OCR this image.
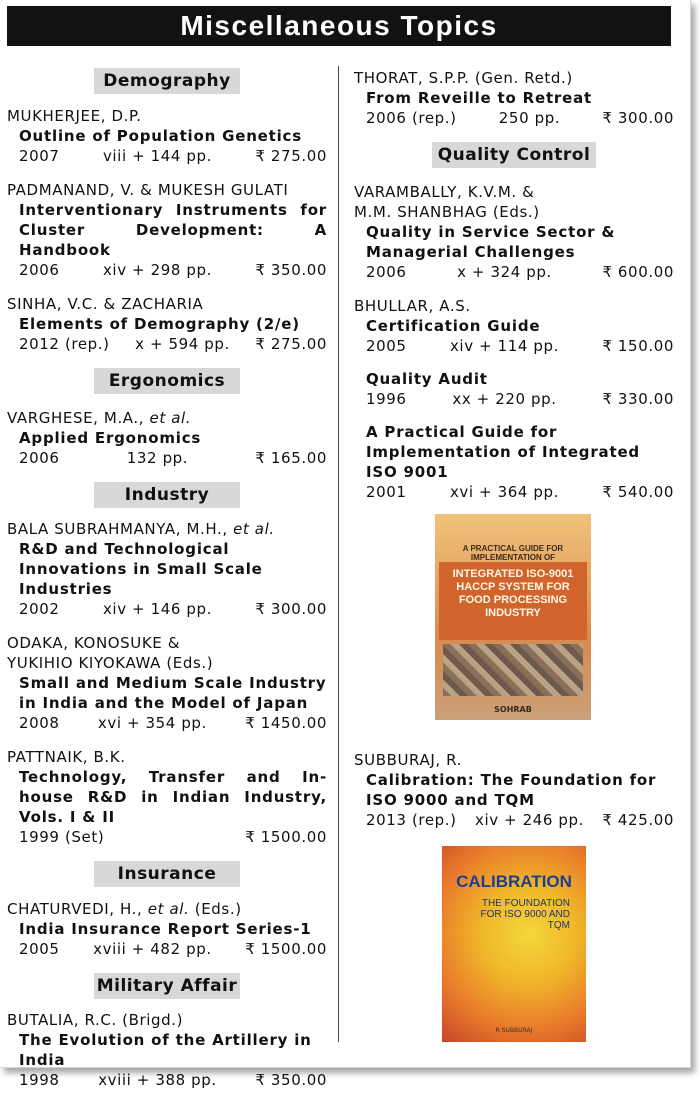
Miscellaneous Topics
Demography
MUKHERJEE, D.P.
Outline of Population Genetics
2007	viii + 144 pp.	₹ 275.00
PADMANAND, V. & MUKESH GULATI
Interventionary Instruments for Cluster Development: A Handbook
2006	xiv + 298 pp.	₹ 350.00
SINHA, V.C. & ZACHARIA
Elements of Demography (2/e)
2012 (rep.)	x + 594 pp.	₹ 275.00
Ergonomics
VARGHESE, M.A., et al.
Applied Ergonomics
2006	132 pp.	₹ 165.00
Industry
BALA SUBRAHMANYA, M.H., et al.
R&D and Technological Innovations in Small Scale Industries
2002	xiv + 146 pp.	₹ 300.00
ODAKA, KONOSUKE &
YUKIHIO KIYOKAWA (Eds.)
Small and Medium Scale Industry in India and the Model of Japan
2008	xvi + 354 pp.	₹ 1450.00
PATTNAIK, B.K.
Technology, Transfer and In-house R&D in Indian Industry, Vols. I & II
1999 (Set)	₹ 1500.00
Insurance
CHATURVEDI, H., et al. (Eds.)
India Insurance Report Series-1
2005	xviii + 482 pp.	₹ 1500.00
Military Affair
BUTALIA, R.C. (Brigd.)
The Evolution of the Artillery in India
1998	xviii + 388 pp.	₹ 350.00
THORAT, S.P.P. (Gen. Retd.)
From Reveille to Retreat
2006 (rep.)	250 pp.	₹ 300.00
Quality Control
VARAMBALLY, K.V.M. &
M.M. SHANBHAG (Eds.)
Quality in Service Sector & Managerial Challenges
2006	x + 324 pp.	₹ 600.00
BHULLAR, A.S.
Certification Guide
2005	xiv + 114 pp.	₹ 150.00
Quality Audit
1996	xx + 220 pp.	₹ 330.00
A Practical Guide for Implementation of Integrated ISO 9001
2001	xvi + 364 pp.	₹ 540.00
A PRACTICAL GUIDE FOR IMPLEMENTATION OF
INTEGRATED ISO-9001 HACCP SYSTEM FOR FOOD PROCESSING INDUSTRY
SOHRAB
SUBBURAJ, R.
Calibration: The Foundation for ISO 9000 and TQM
2013 (rep.)	xiv + 246 pp.	₹ 425.00
CALIBRATION
THE FOUNDATION FOR ISO 9000 AND TQM
R SUBBURAJ
